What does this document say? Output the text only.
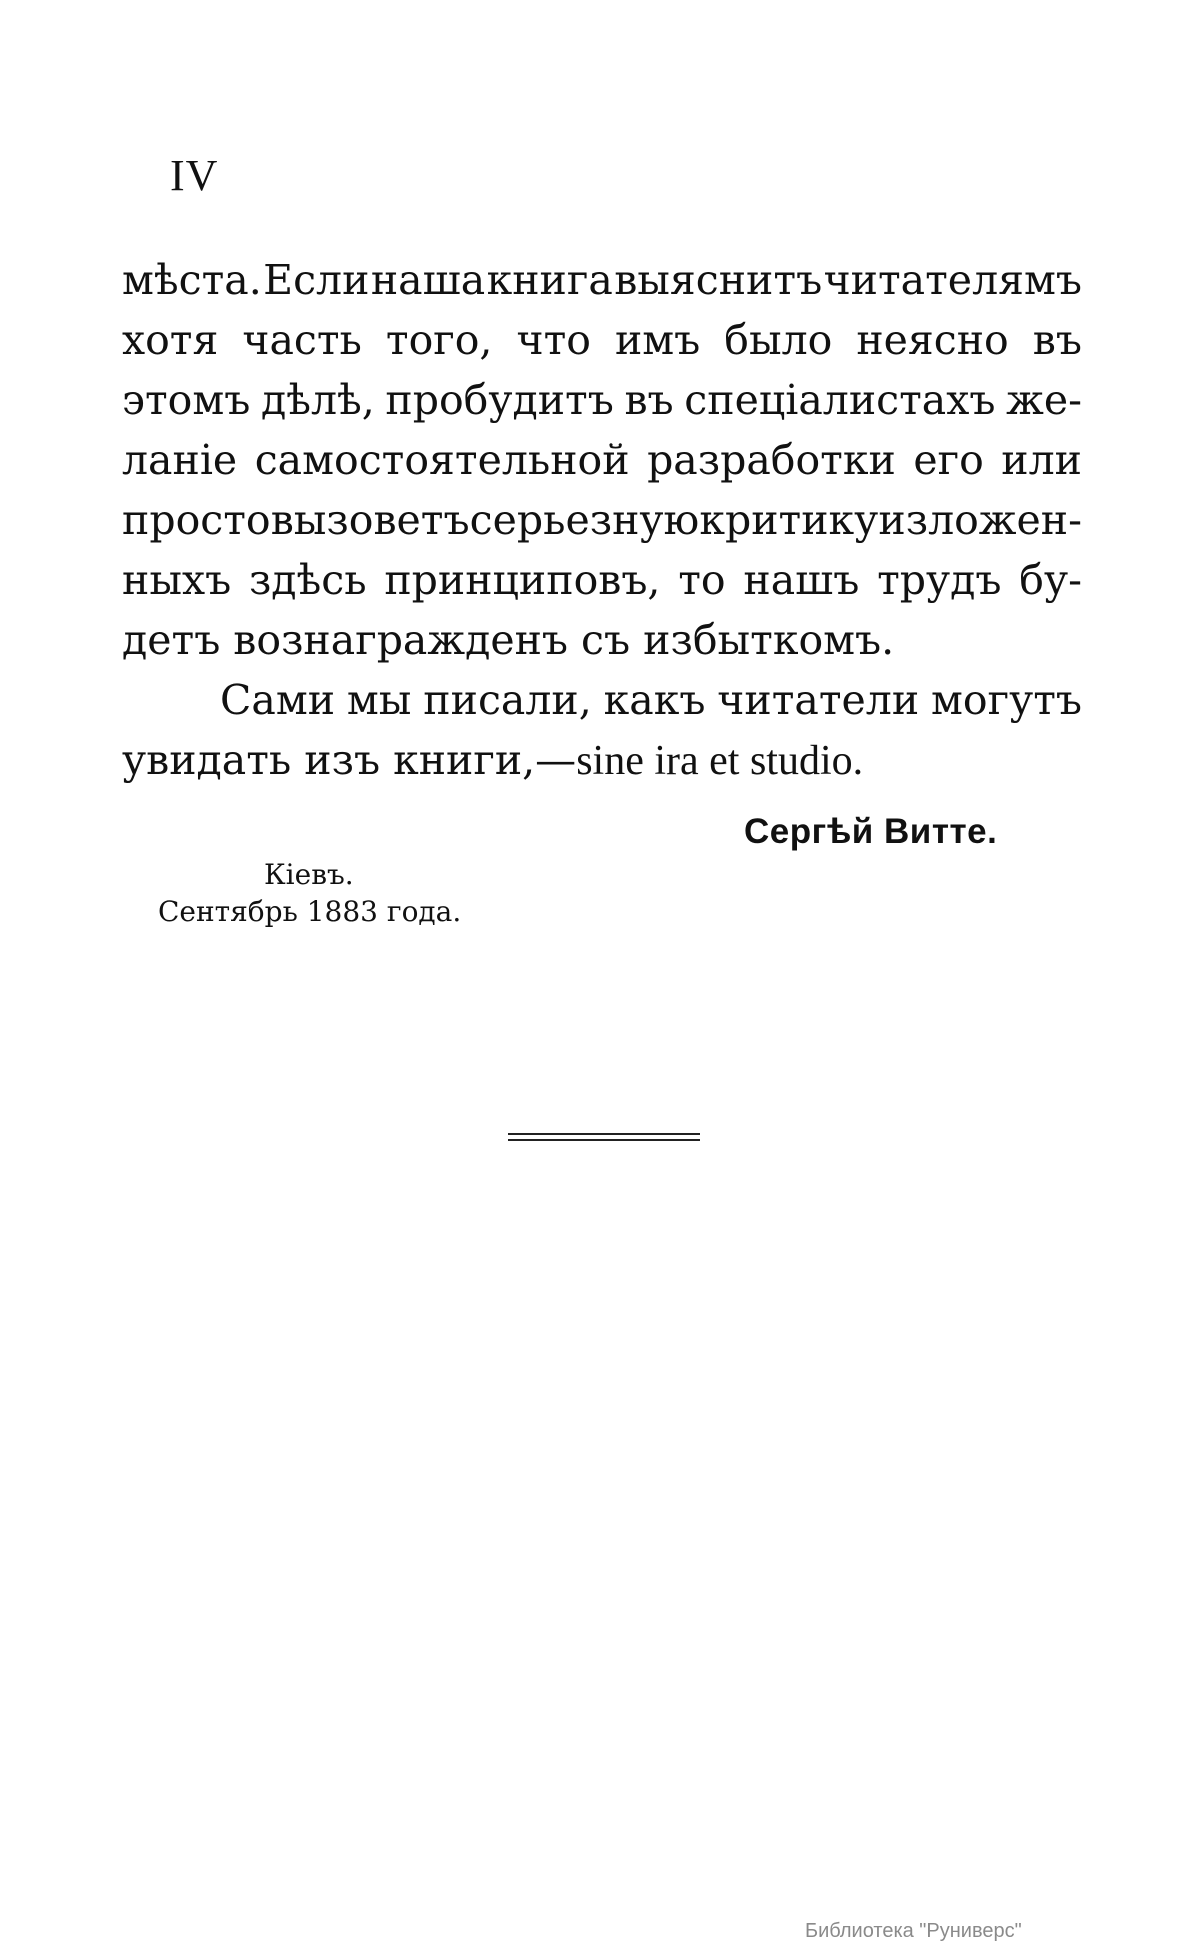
IV
мѣста. Если наша книга выяснитъ читателямъ
хотя часть того, что имъ было неясно въ
этомъ дѣлѣ, пробудитъ въ спеціалистахъ же-
ланіе самостоятельной разработки его или
просто вызоветъ серьезную критику изложен-
ныхъ здѣсь принциповъ, то нашъ трудъ бу-
детъ вознагражденъ съ избыткомъ.
Сами мы писали, какъ читатели могутъ
увидать изъ книги,—sine ira et studio.
Сергѣй Витте.
Кіевъ.
Сентябрь 1883 года.
Библиотека "Руниверс"
